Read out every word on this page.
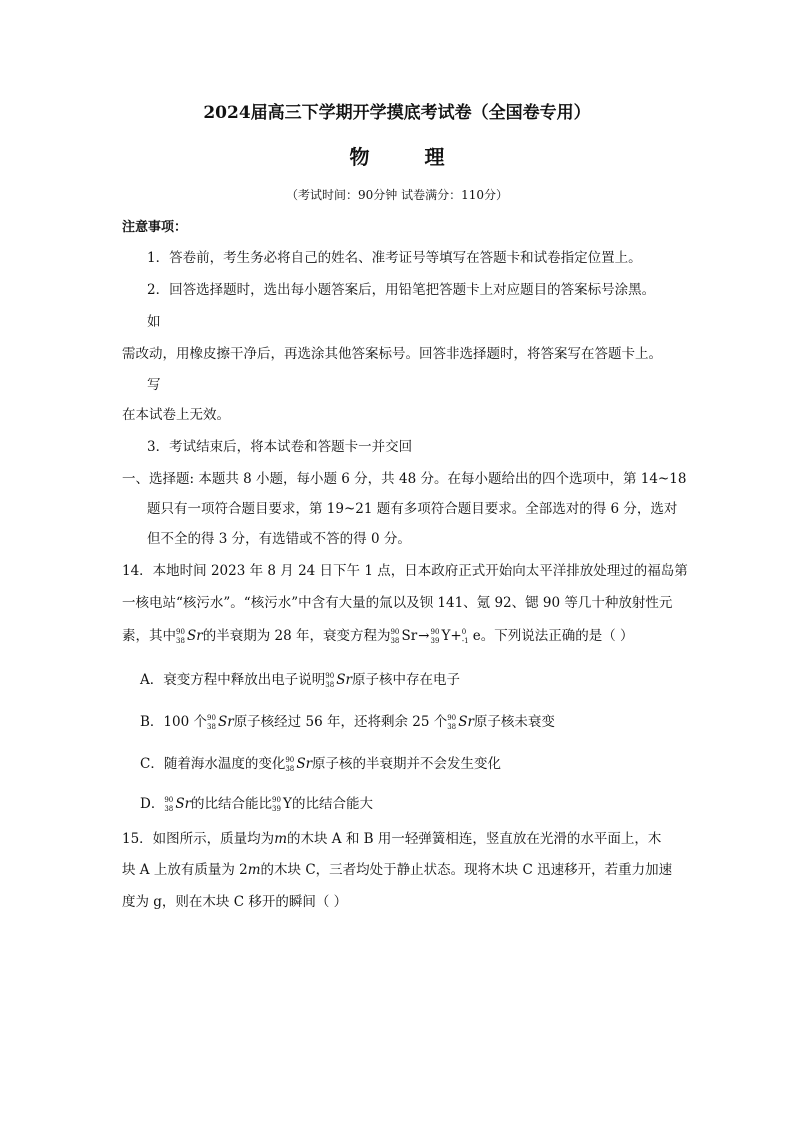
2024届高三下学期开学摸底考试卷（全国卷专用）
物	理
（考试时间：90分钟 试卷满分：110分）
注意事项：
1．答卷前，考生务必将自己的姓名、准考证号等填写在答题卡和试卷指定位置上。
2．回答选择题时，选出每小题答案后，用铅笔把答题卡上对应题目的答案标号涂黑。
如
需改动，用橡皮擦干净后，再选涂其他答案标号。回答非选择题时，将答案写在答题卡上。
写
在本试卷上无效。
3．考试结束后，将本试卷和答题卡一并交回
一、选择题: 本题共 8 小题，每小题 6 分，共 48 分。在每小题给出的四个选项中，第 14~18
题只有一项符合题目要求，第 19~21 题有多项符合题目要求。全部选对的得 6 分，选对
但不全的得 3 分，有选错或不答的得 0 分。
14．本地时间 2023 年 8 月 24 日下午 1 点，日本政府正式开始向太平洋排放处理过的福岛第
一核电站“核污水”。“核污水”中含有大量的氚以及钡 141、氪 92、锶 90 等几十种放射性元
素，其中 90
38 Sr的半衰期为 28 年，衰变方程为 90
38 Sr→ 90
39 Y+ 0
-1 e。下列说法正确的是（ ）
A．衰变方程中释放出电子说明 90
38 Sr原子核中存在电子
B．100 个 90
38 Sr原子核经过 56 年，还将剩余 25 个 90
38 Sr原子核未衰变
C．随着海水温度的变化 90
38 Sr原子核的半衰期并不会发生变化
D． 90
38 Sr的比结合能比 90
39 Y的比结合能大
15．如图所示，质量均为m的木块 A 和 B 用一轻弹簧相连，竖直放在光滑的水平面上，木
块 A 上放有质量为 2m的木块 C，三者均处于静止状态。现将木块 C 迅速移开，若重力加速
度为 g，则在木块 C 移开的瞬间（ ）
